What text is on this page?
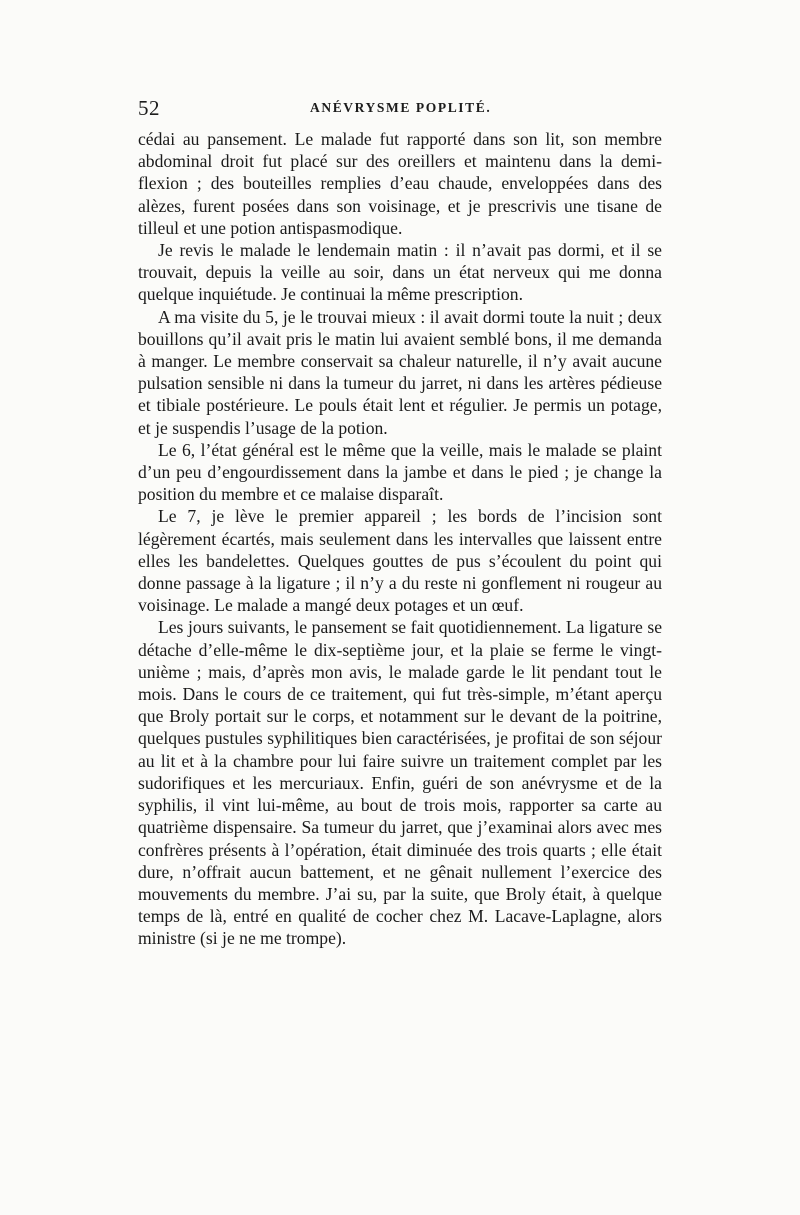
52	ANÉVRYSME POPLITÉ.

cédai au pansement. Le malade fut rapporté dans son lit, son membre abdominal droit fut placé sur des oreillers et maintenu dans la demi-flexion ; des bouteilles remplies d’eau chaude, enveloppées dans des alèzes, furent posées dans son voisinage, et je prescrivis une tisane de tilleul et une potion antispasmodique.

Je revis le malade le lendemain matin : il n’avait pas dormi, et il se trouvait, depuis la veille au soir, dans un état nerveux qui me donna quelque inquiétude. Je continuai la même prescription.

A ma visite du 5, je le trouvai mieux : il avait dormi toute la nuit ; deux bouillons qu’il avait pris le matin lui avaient semblé bons, il me demanda à manger. Le membre conservait sa chaleur naturelle, il n’y avait aucune pulsation sensible ni dans la tumeur du jarret, ni dans les artères pédieuse et tibiale postérieure. Le pouls était lent et régulier. Je permis un potage, et je suspendis l’usage de la potion.

Le 6, l’état général est le même que la veille, mais le malade se plaint d’un peu d’engourdissement dans la jambe et dans le pied ; je change la position du membre et ce malaise disparaît.

Le 7, je lève le premier appareil ; les bords de l’incision sont légèrement écartés, mais seulement dans les intervalles que laissent entre elles les bandelettes. Quelques gouttes de pus s’écoulent du point qui donne passage à la ligature ; il n’y a du reste ni gonflement ni rougeur au voisinage. Le malade a mangé deux potages et un œuf.

Les jours suivants, le pansement se fait quotidiennement. La ligature se détache d’elle-même le dix-septième jour, et la plaie se ferme le vingt-unième ; mais, d’après mon avis, le malade garde le lit pendant tout le mois. Dans le cours de ce traitement, qui fut très-simple, m’étant aperçu que Broly portait sur le corps, et notamment sur le devant de la poitrine, quelques pustules syphilitiques bien caractérisées, je profitai de son séjour au lit et à la chambre pour lui faire suivre un traitement complet par les sudorifiques et les mercuriaux. Enfin, guéri de son anévrysme et de la syphilis, il vint lui-même, au bout de trois mois, rapporter sa carte au quatrième dispensaire. Sa tumeur du jarret, que j’examinai alors avec mes confrères présents à l’opération, était diminuée des trois quarts ; elle était dure, n’offrait aucun battement, et ne gênait nullement l’exercice des mouvements du membre. J’ai su, par la suite, que Broly était, à quelque temps de là, entré en qualité de cocher chez M. Lacave-Laplagne, alors ministre (si je ne me trompe).
